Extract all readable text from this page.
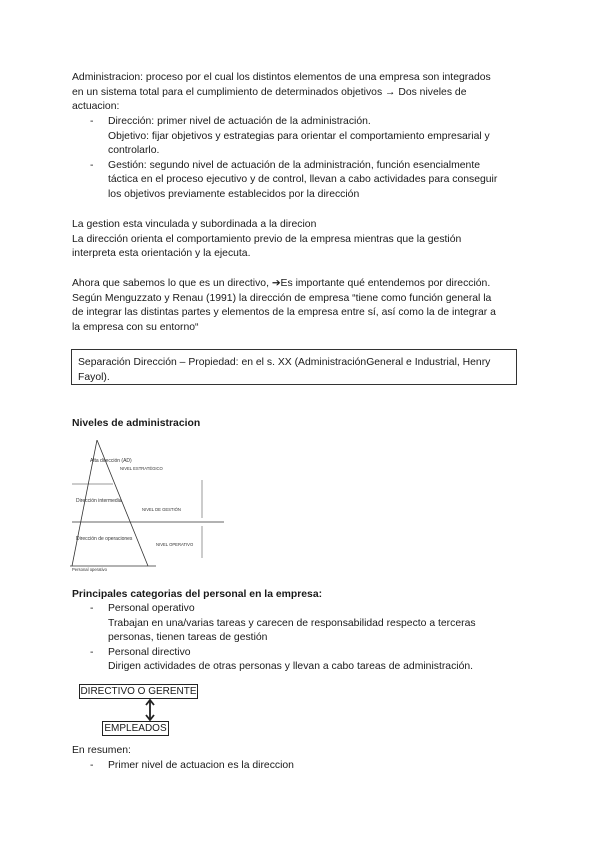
Administracion: proceso por el cual los distintos elementos de una empresa son integrados
en un sistema total para el cumplimiento de determinados objetivos → Dos niveles de
actuacion:
- Dirección: primer nivel de actuación de la administración.
Objetivo: fijar objetivos y estrategias para orientar el comportamiento empresarial y
controlarlo.
- Gestión: segundo nivel de actuación de la administración, función esencialmente
táctica en el proceso ejecutivo y de control, llevan a cabo actividades para conseguir
los objetivos previamente establecidos por la dirección
La gestion esta vinculada y subordinada a la direcion
La dirección orienta el comportamiento previo de la empresa mientras que la gestión
interpreta esta orientación y la ejecuta.
Ahora que sabemos lo que es un directivo, ➔Es importante qué entendemos por dirección.
Según Menguzzato y Renau (1991) la dirección de empresa “tiene como función general la
de integrar las distintas partes y elementos de la empresa entre sí, así como la de integrar a
la empresa con su entorno“
Separación Dirección – Propiedad: en el s. XX (AdministraciónGeneral e Industrial, Henry
Fayol).
Niveles de administracion
Alta dirección (AD)
NIVEL ESTRATÉGICO
Dirección intermedia
NIVEL DE GESTIÓN
Dirección de operaciones
NIVEL OPERATIVO
Personal operativo
Principales categorias del personal en la empresa:
- Personal operativo
Trabajan en una/varias tareas y carecen de responsabilidad respecto a terceras
personas, tienen tareas de gestión
- Personal directivo
Dirigen actividades de otras personas y llevan a cabo tareas de administración.
DIRECTIVO O GERENTE
EMPLEADOS
En resumen:
- Primer nivel de actuacion es la direccion
